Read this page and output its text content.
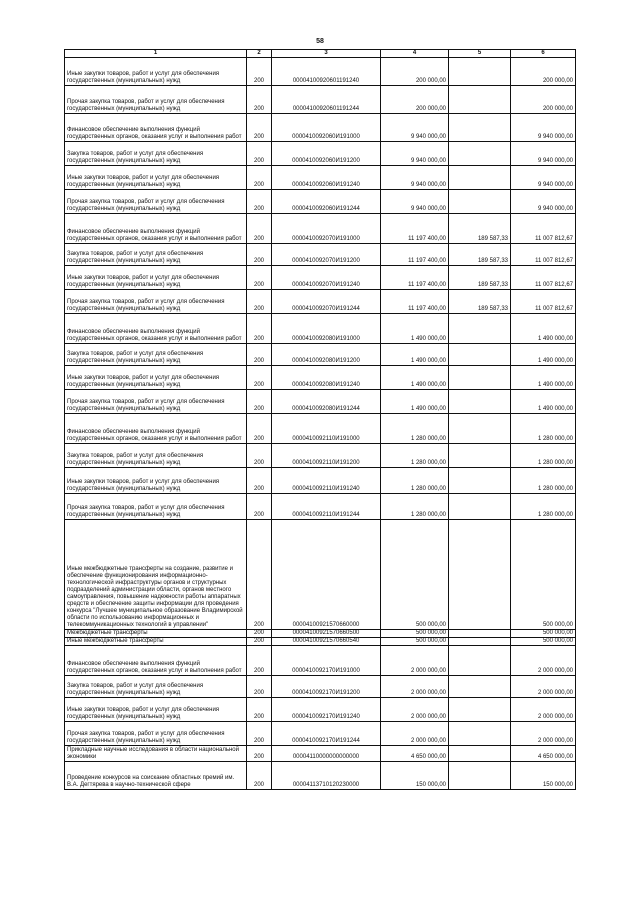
58
1	2	3	4	5	6
Иные закупки товаров, работ и услуг для обеспечения государственных (муниципальных) нужд	200	00004100920601191240	200 000,00		200 000,00
Прочая закупка товаров, работ и услуг для обеспечения государственных (муниципальных) нужд	200	00004100920601191244	200 000,00		200 000,00
Финансовое обеспечение выполнения функций государственных органов, оказания услуг и выполнения работ	200	0000410092060И191000	9 940 000,00		9 940 000,00
Закупка товаров, работ и услуг для обеспечения государственных (муниципальных) нужд	200	0000410092060И191200	9 940 000,00		9 940 000,00
Иные закупки товаров, работ и услуг для обеспечения государственных (муниципальных) нужд	200	0000410092060И191240	9 940 000,00		9 940 000,00
Прочая закупка товаров, работ и услуг для обеспечения государственных (муниципальных) нужд	200	0000410092060И191244	9 940 000,00		9 940 000,00
Финансовое обеспечение выполнения функций государственных органов, оказания услуг и выполнения работ	200	0000410092070И191000	11 197 400,00	189 587,33	11 007 812,67
Закупка товаров, работ и услуг для обеспечения государственных (муниципальных) нужд	200	0000410092070И191200	11 197 400,00	189 587,33	11 007 812,67
Иные закупки товаров, работ и услуг для обеспечения государственных (муниципальных) нужд	200	0000410092070И191240	11 197 400,00	189 587,33	11 007 812,67
Прочая закупка товаров, работ и услуг для обеспечения государственных (муниципальных) нужд	200	0000410092070И191244	11 197 400,00	189 587,33	11 007 812,67
Финансовое обеспечение выполнения функций государственных органов, оказания услуг и выполнения работ	200	0000410092080И191000	1 490 000,00		1 490 000,00
Закупка товаров, работ и услуг для обеспечения государственных (муниципальных) нужд	200	0000410092080И191200	1 490 000,00		1 490 000,00
Иные закупки товаров, работ и услуг для обеспечения государственных (муниципальных) нужд	200	0000410092080И191240	1 490 000,00		1 490 000,00
Прочая закупка товаров, работ и услуг для обеспечения государственных (муниципальных) нужд	200	0000410092080И191244	1 490 000,00		1 490 000,00
Финансовое обеспечение выполнения функций государственных органов, оказания услуг и выполнения работ	200	0000410092110И191000	1 280 000,00		1 280 000,00
Закупка товаров, работ и услуг для обеспечения государственных (муниципальных) нужд	200	0000410092110И191200	1 280 000,00		1 280 000,00
Иные закупки товаров, работ и услуг для обеспечения государственных (муниципальных) нужд	200	0000410092110И191240	1 280 000,00		1 280 000,00
Прочая закупка товаров, работ и услуг для обеспечения государственных (муниципальных) нужд	200	0000410092110И191244	1 280 000,00		1 280 000,00
Иные межбюджетные трансферты на создание, развитие и обеспечение функционирования информационно-технологической инфраструктуры органов и структурных подразделений администрации области, органов местного самоуправления, повышение надежности работы аппаратных средств и обеспечение защиты информации для проведения конкурса "Лучшее муниципальное образование Владимирской области по использованию информационных и телекоммуникационных технологий в управлении"	200	00004100921570660000	500 000,00		500 000,00
Межбюджетные трансферты	200	00004100921570660500	500 000,00		500 000,00
Иные межбюджетные трансферты	200	00004100921570660540	500 000,00		500 000,00
Финансовое обеспечение выполнения функций государственных органов, оказания услуг и выполнения работ	200	0000410092170И191000	2 000 000,00		2 000 000,00
Закупка товаров, работ и услуг для обеспечения государственных (муниципальных) нужд	200	0000410092170И191200	2 000 000,00		2 000 000,00
Иные закупки товаров, работ и услуг для обеспечения государственных (муниципальных) нужд	200	0000410092170И191240	2 000 000,00		2 000 000,00
Прочая закупка товаров, работ и услуг для обеспечения государственных (муниципальных) нужд	200	0000410092170И191244	2 000 000,00		2 000 000,00
Прикладные научные исследования в области национальной экономики	200	00004110000000000000	4 650 000,00		4 650 000,00
Проведение конкурсов на соискание областных премий им. В.А. Дегтярева в научно-технической сфере	200	00004113710120230000	150 000,00		150 000,00
